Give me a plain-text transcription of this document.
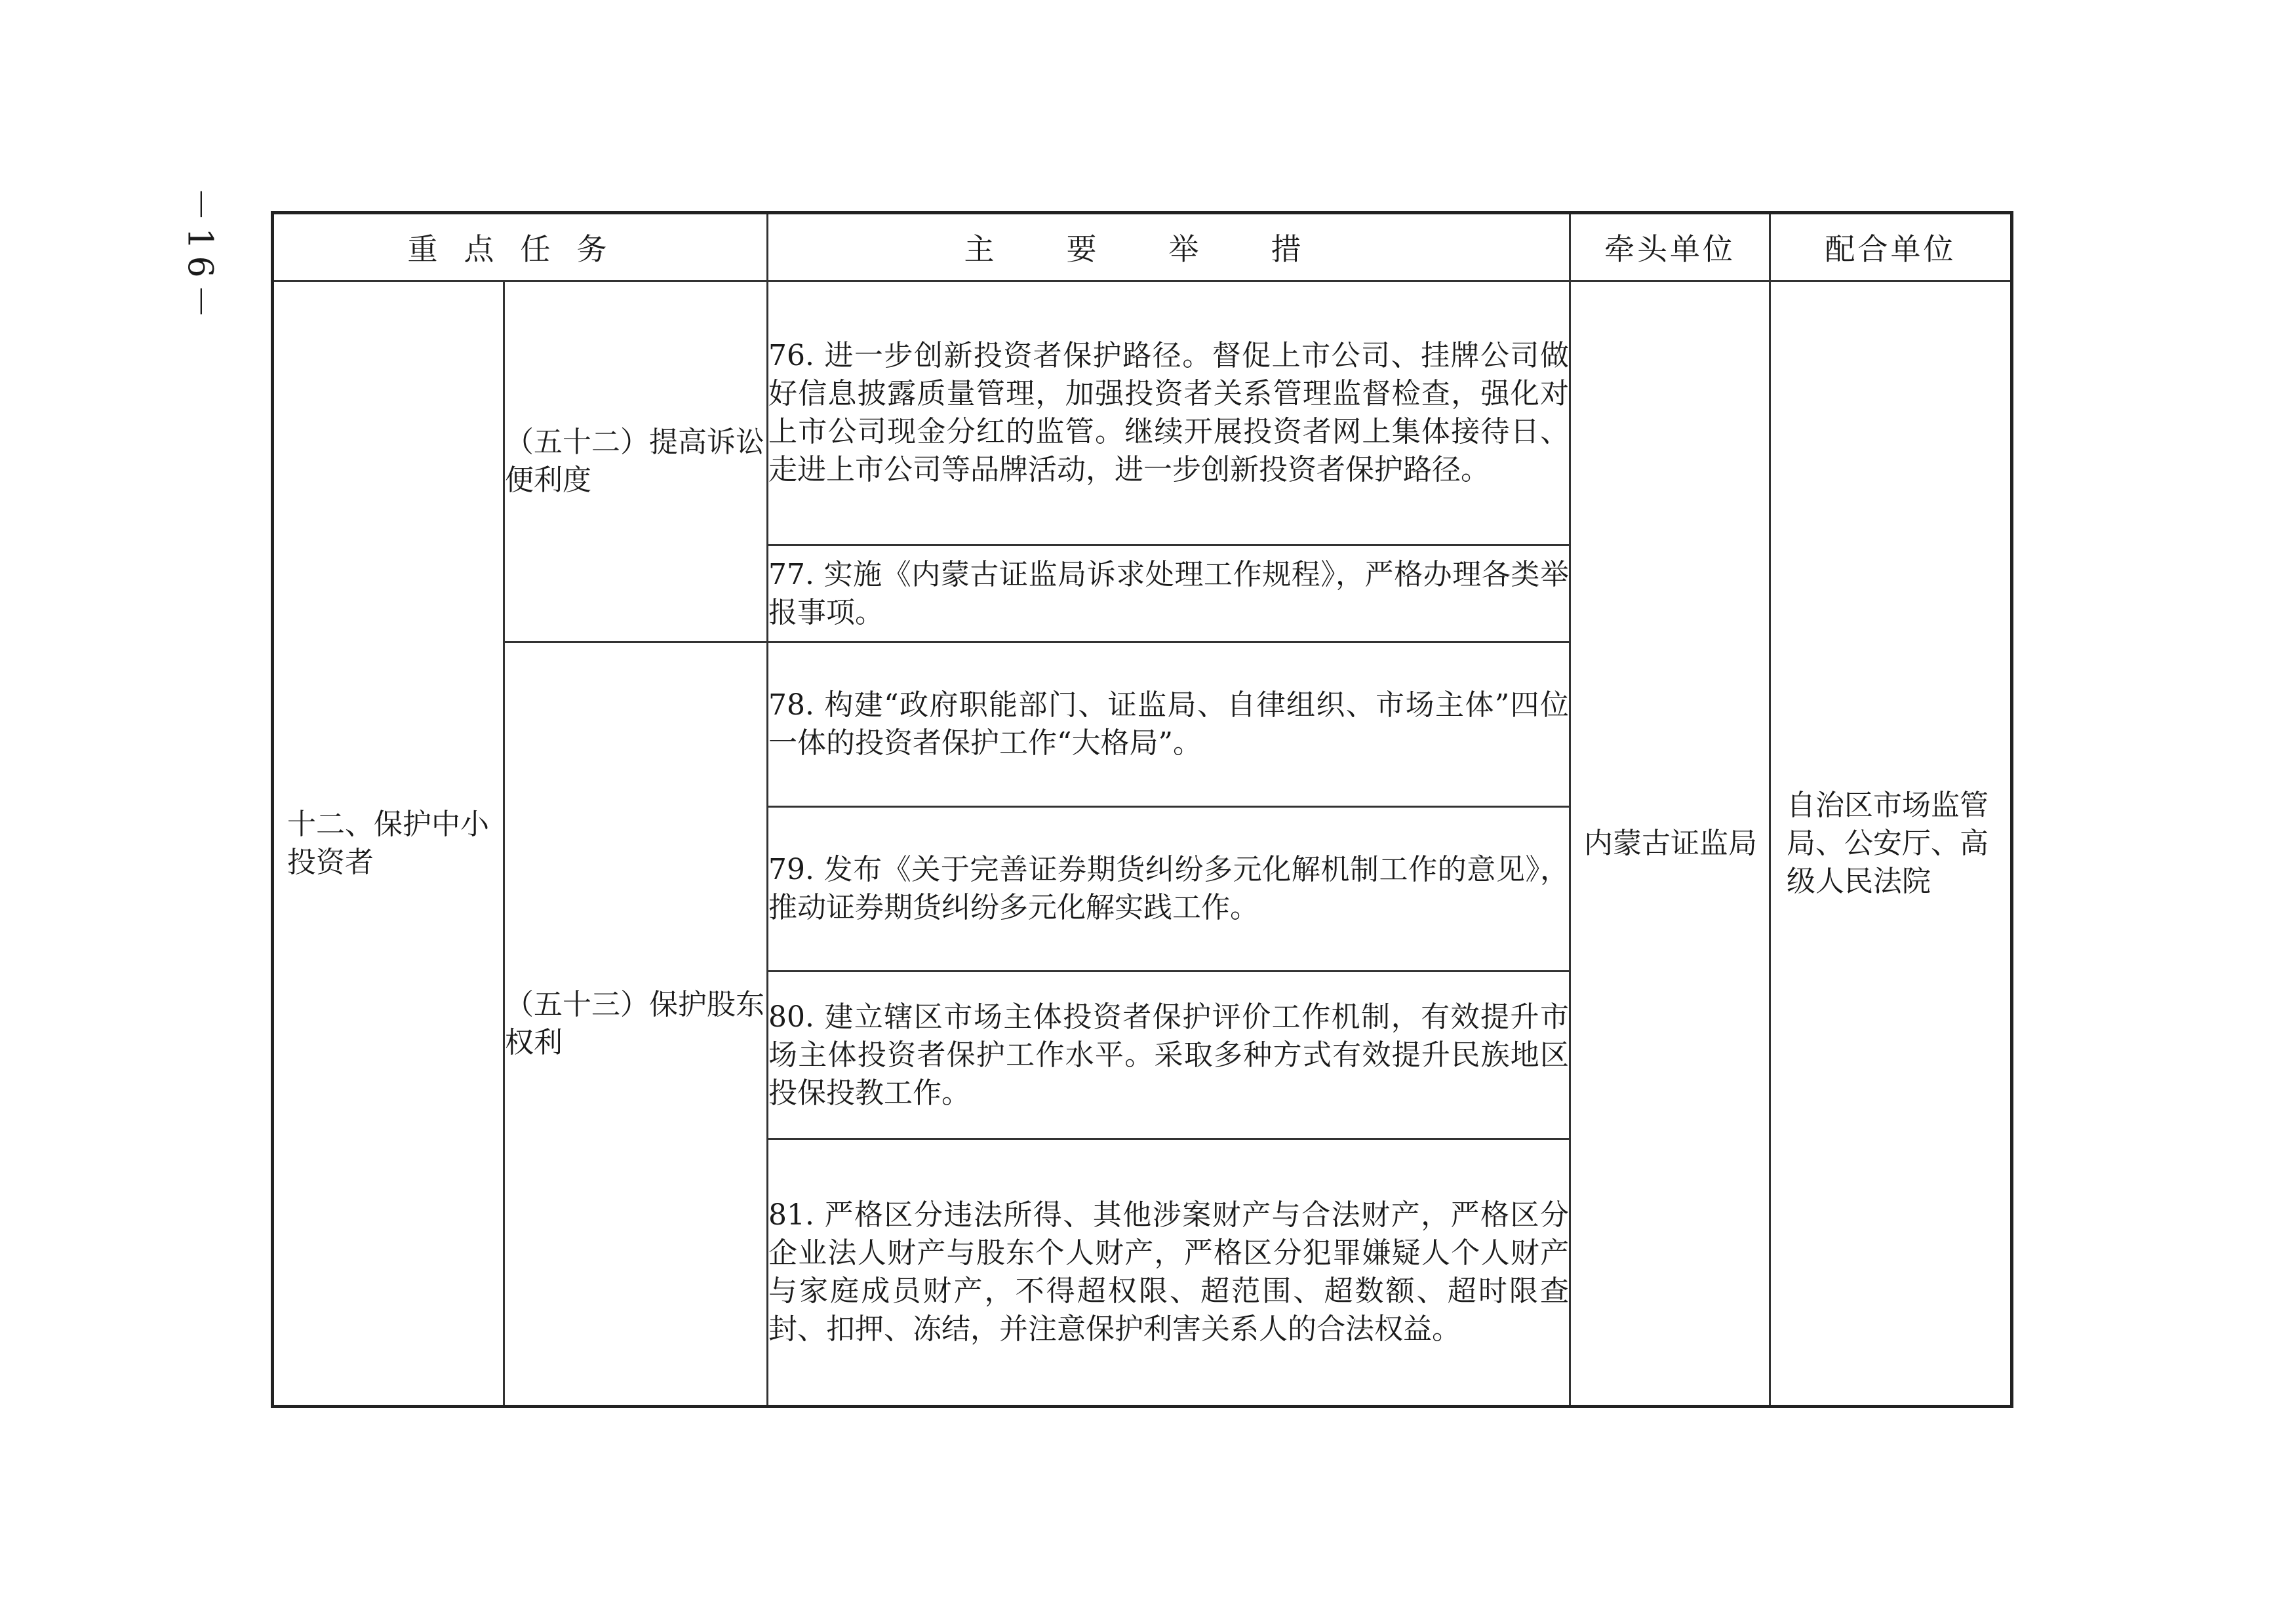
－16－	重点任务		主要举措	牵头单位	配合单位
十二、保护中小投资者	（五十二）提高诉讼便利度	76. 进一步创新投资者保护路径。督促上市公司、挂牌公司做好信息披露质量管理，加强投资者关系管理监督检查，强化对上市公司现金分红的监管。继续开展投资者网上集体接待日、走进上市公司等品牌活动，进一步创新投资者保护路径。	内蒙古证监局	自治区市场监管局、公安厅、高级人民法院
		77. 实施《内蒙古证监局诉求处理工作规程》，严格办理各类举报事项。		
	（五十三）保护股东权利	78. 构建“政府职能部门、证监局、自律组织、市场主体”四位一体的投资者保护工作“大格局”。		
		79. 发布《关于完善证券期货纠纷多元化解机制工作的意见》，推动证券期货纠纷多元化解实践工作。		
		80. 建立辖区市场主体投资者保护评价工作机制，有效提升市场主体投资者保护工作水平。采取多种方式有效提升民族地区投保投教工作。		
		81. 严格区分违法所得、其他涉案财产与合法财产，严格区分企业法人财产与股东个人财产，严格区分犯罪嫌疑人个人财产与家庭成员财产，不得超权限、超范围、超数额、超时限查封、扣押、冻结，并注意保护利害关系人的合法权益。		
